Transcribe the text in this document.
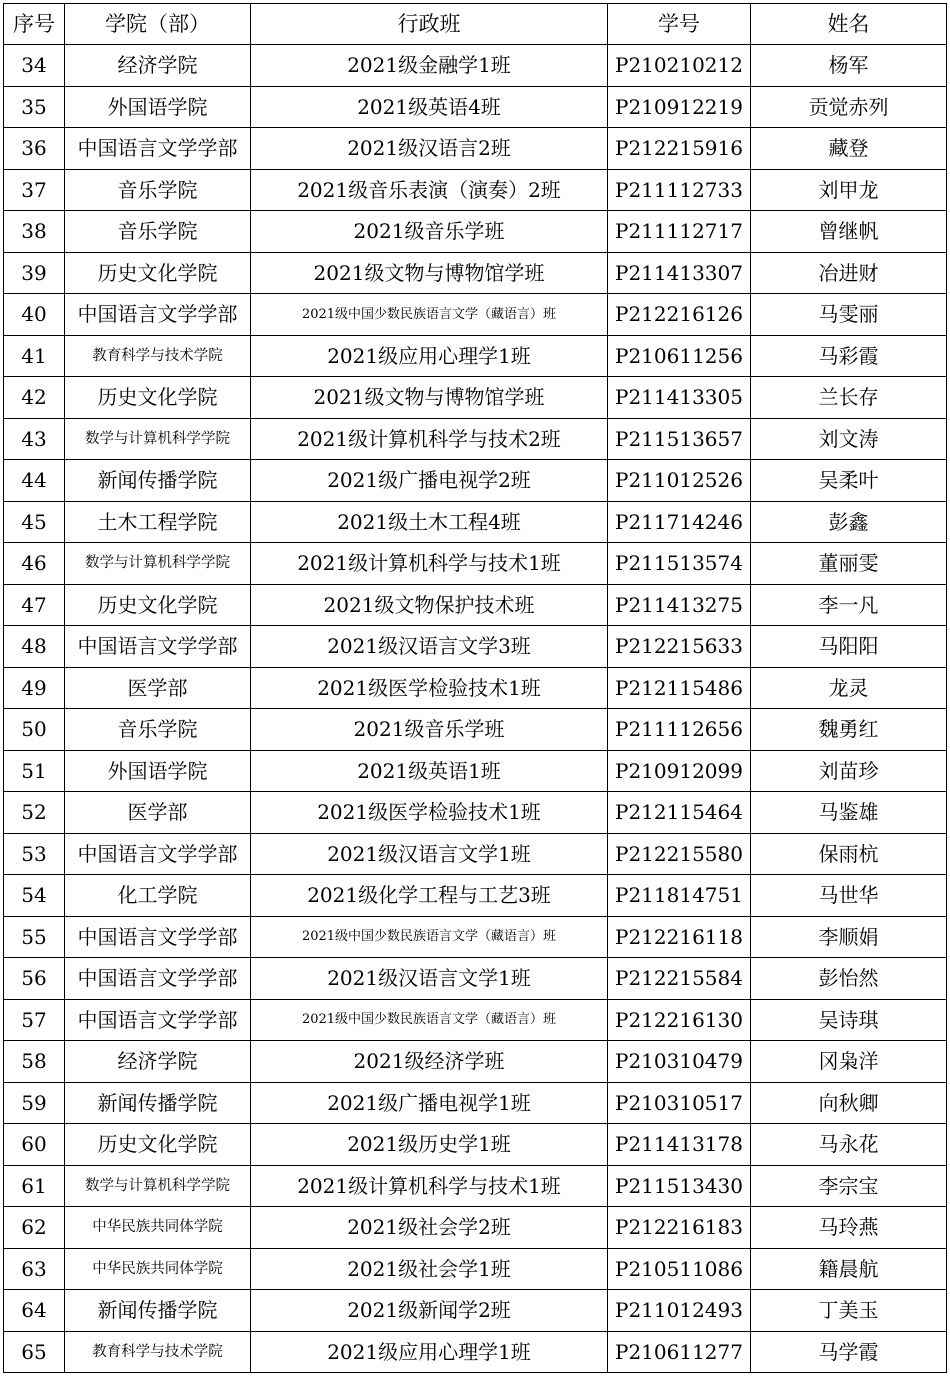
序号	学院（部）	行政班	学号	姓名
34	经济学院	2021级金融学1班	P210210212	杨军
35	外国语学院	2021级英语4班	P210912219	贡觉赤列
36	中国语言文学学部	2021级汉语言2班	P212215916	藏登
37	音乐学院	2021级音乐表演（演奏）2班	P211112733	刘甲龙
38	音乐学院	2021级音乐学班	P211112717	曾继帆
39	历史文化学院	2021级文物与博物馆学班	P211413307	冶进财
40	中国语言文学学部	2021级中国少数民族语言文学（藏语言）班	P212216126	马雯丽
41	教育科学与技术学院	2021级应用心理学1班	P210611256	马彩霞
42	历史文化学院	2021级文物与博物馆学班	P211413305	兰长存
43	数学与计算机科学学院	2021级计算机科学与技术2班	P211513657	刘文涛
44	新闻传播学院	2021级广播电视学2班	P211012526	吴柔叶
45	土木工程学院	2021级土木工程4班	P211714246	彭鑫
46	数学与计算机科学学院	2021级计算机科学与技术1班	P211513574	董丽雯
47	历史文化学院	2021级文物保护技术班	P211413275	李一凡
48	中国语言文学学部	2021级汉语言文学3班	P212215633	马阳阳
49	医学部	2021级医学检验技术1班	P212115486	龙灵
50	音乐学院	2021级音乐学班	P211112656	魏勇红
51	外国语学院	2021级英语1班	P210912099	刘苗珍
52	医学部	2021级医学检验技术1班	P212115464	马鉴雄
53	中国语言文学学部	2021级汉语言文学1班	P212215580	保雨杭
54	化工学院	2021级化学工程与工艺3班	P211814751	马世华
55	中国语言文学学部	2021级中国少数民族语言文学（藏语言）班	P212216118	李顺娟
56	中国语言文学学部	2021级汉语言文学1班	P212215584	彭怡然
57	中国语言文学学部	2021级中国少数民族语言文学（藏语言）班	P212216130	吴诗琪
58	经济学院	2021级经济学班	P210310479	冈枭洋
59	新闻传播学院	2021级广播电视学1班	P210310517	向秋卿
60	历史文化学院	2021级历史学1班	P211413178	马永花
61	数学与计算机科学学院	2021级计算机科学与技术1班	P211513430	李宗宝
62	中华民族共同体学院	2021级社会学2班	P212216183	马玲燕
63	中华民族共同体学院	2021级社会学1班	P210511086	籍晨航
64	新闻传播学院	2021级新闻学2班	P211012493	丁美玉
65	教育科学与技术学院	2021级应用心理学1班	P210611277	马学霞
